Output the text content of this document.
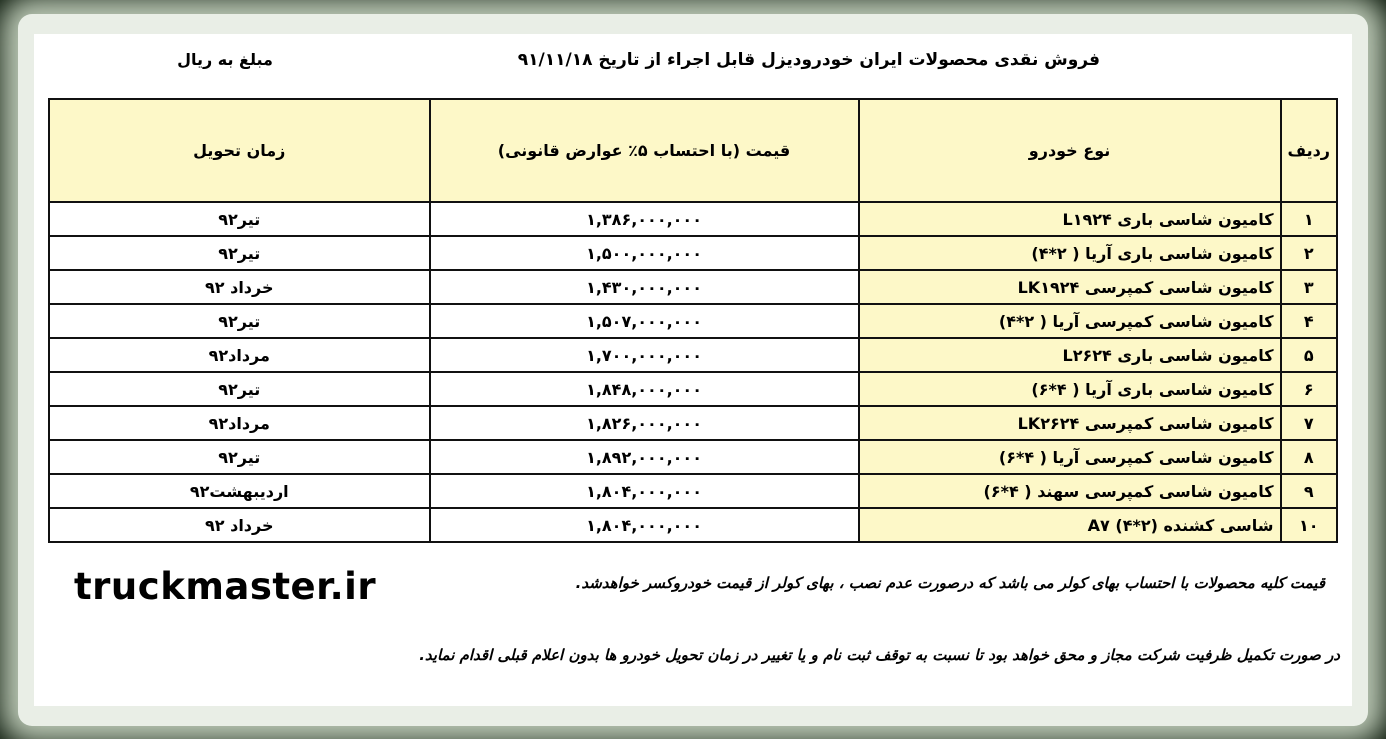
فروش نقدی محصولات ایران خودرودیزل قابل اجراء از تاریخ ۹۱/۱۱/۱۸
مبلغ به ریال
ردیف	نوع خودرو	قیمت (با احتساب ۵٪ عوارض قانونی)	زمان تحویل
۱	کامیون شاسی باری L۱۹۲۴	۱,۳۸۶,۰۰۰,۰۰۰	تیر۹۲
۲	کامیون شاسی باری آریا ( ۲*۴)	۱,۵۰۰,۰۰۰,۰۰۰	تیر۹۲
۳	کامیون شاسی کمپرسی LK۱۹۲۴	۱,۴۳۰,۰۰۰,۰۰۰	خرداد ۹۲
۴	کامیون شاسی کمپرسی آریا ( ۲*۴)	۱,۵۰۷,۰۰۰,۰۰۰	تیر۹۲
۵	کامیون شاسی باری L۲۶۲۴	۱,۷۰۰,۰۰۰,۰۰۰	مرداد۹۲
۶	کامیون شاسی باری آریا ( ۴*۶)	۱,۸۴۸,۰۰۰,۰۰۰	تیر۹۲
۷	کامیون شاسی کمپرسی LK۲۶۲۴	۱,۸۲۶,۰۰۰,۰۰۰	مرداد۹۲
۸	کامیون شاسی کمپرسی آریا ( ۴*۶)	۱,۸۹۲,۰۰۰,۰۰۰	تیر۹۲
۹	کامیون شاسی کمپرسی سهند ( ۴*۶)	۱,۸۰۴,۰۰۰,۰۰۰	اردیبهشت۹۲
۱۰	شاسی کشنده (۲*۴) A۷	۱,۸۰۴,۰۰۰,۰۰۰	خرداد ۹۲
truckmaster.ir	قیمت کلیه محصولات با احتساب بهای کولر می باشد که درصورت عدم نصب ، بهای کولر از قیمت خودروکسر خواهدشد.
در صورت تکمیل ظرفیت شرکت مجاز و محق خواهد بود تا نسبت به توقف ثبت نام و یا تغییر در زمان تحویل خودرو ها بدون اعلام قبلی اقدام نماید.
